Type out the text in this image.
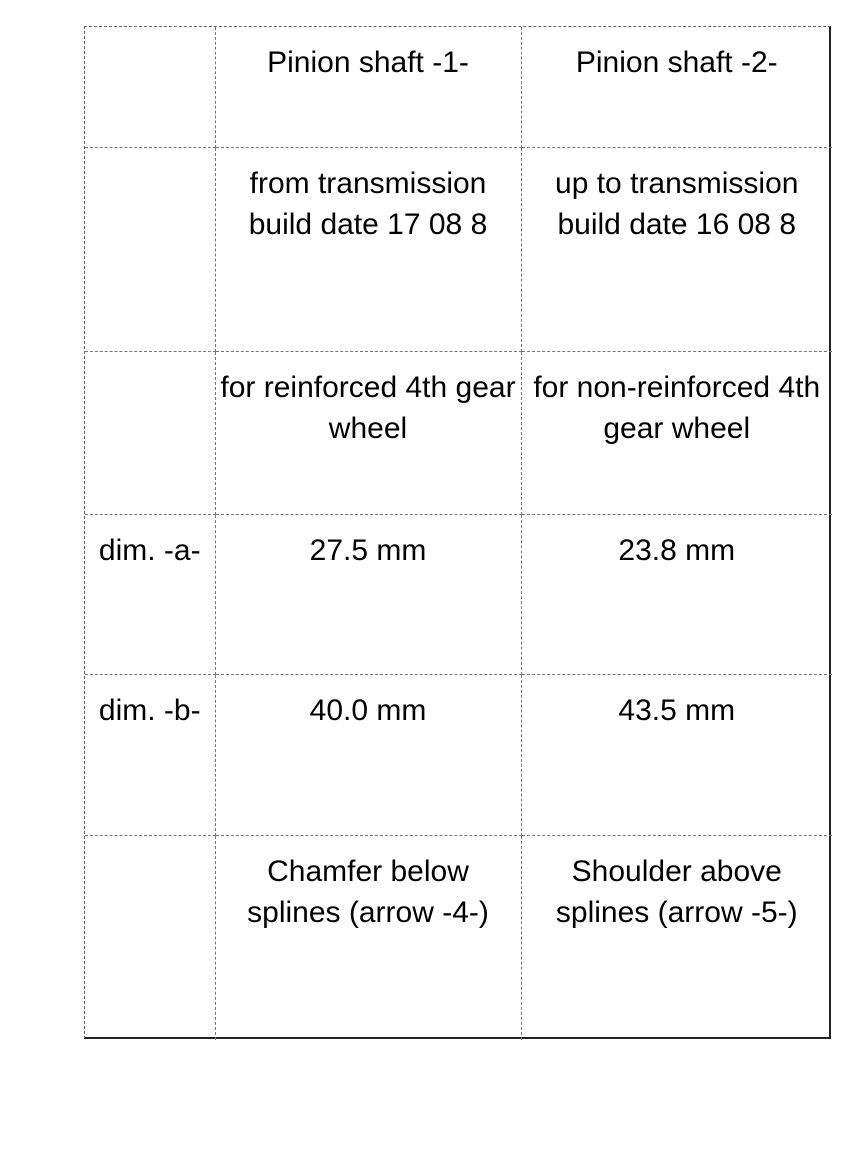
	Pinion shaft -1-	Pinion shaft -2-
	from transmission build date 17 08 8	up to transmission build date 16 08 8
	for reinforced 4th gear wheel	for non-reinforced 4th gear wheel
dim. -a-	27.5 mm	23.8 mm
dim. -b-	40.0 mm	43.5 mm
	Chamfer below splines (arrow -4-)	Shoulder above splines (arrow -5-)
